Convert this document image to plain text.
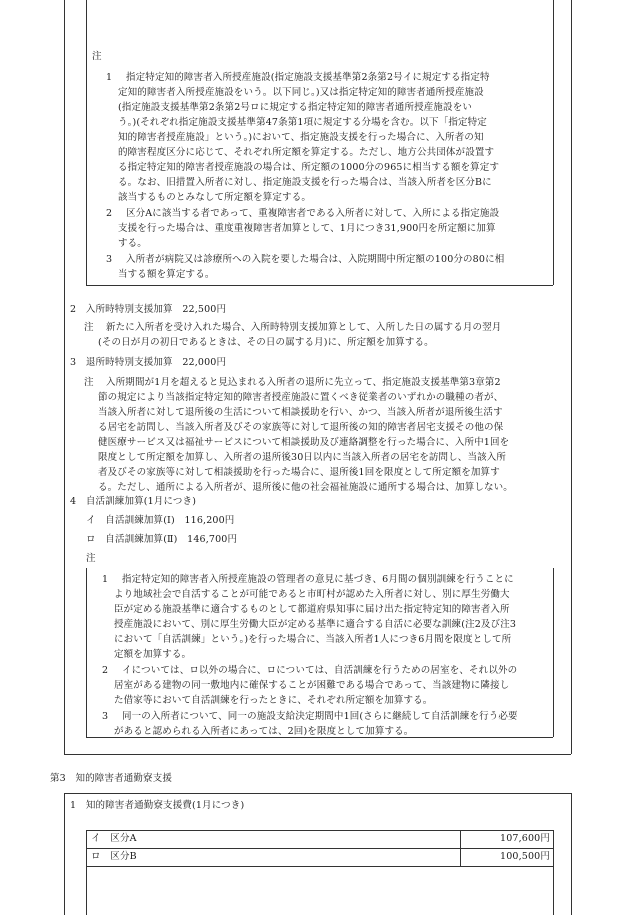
注
1	指定特定知的障害者入所授産施設(指定施設支援基準第2条第2号イに規定する指定特
定知的障害者入所授産施設をいう。以下同じ。)又は指定特定知的障害者通所授産施設
(指定施設支援基準第2条第2号ロに規定する指定特定知的障害者通所授産施設をい
う。)(それぞれ指定施設支援基準第47条第1項に規定する分場を含む。以下「指定特定
知的障害者授産施設」という。)において、指定施設支援を行った場合に、入所者の知
的障害程度区分に応じて、それぞれ所定額を算定する。ただし、地方公共団体が設置す
る指定特定知的障害者授産施設の場合は、所定額の1000分の965に相当する額を算定す
る。なお、旧措置入所者に対し、指定施設支援を行った場合は、当該入所者を区分Bに
該当するものとみなして所定額を算定する。
2	区分Aに該当する者であって、重複障害者である入所者に対して、入所による指定施設
支援を行った場合は、重度重複障害者加算として、1月につき31,900円を所定額に加算
する。
3	入所者が病院又は診療所への入院を要した場合は、入院期間中所定額の100分の80に相
当する額を算定する。
2　入所時特別支援加算　22,500円
注	新たに入所者を受け入れた場合、入所時特別支援加算として、入所した日の属する月の翌月
(その日が月の初日であるときは、その日の属する月)に、所定額を加算する。
3　退所時特別支援加算　22,000円
注	入所期間が1月を超えると見込まれる入所者の退所に先立って、指定施設支援基準第3章第2
節の規定により当該指定特定知的障害者授産施設に置くべき従業者のいずれかの職種の者が、
当該入所者に対して退所後の生活について相談援助を行い、かつ、当該入所者が退所後生活す
る居宅を訪問し、当該入所者及びその家族等に対して退所後の知的障害者居宅支援その他の保
健医療サービス又は福祉サービスについて相談援助及び連絡調整を行った場合に、入所中1回を
限度として所定額を加算し、入所者の退所後30日以内に当該入所者の居宅を訪問し、当該入所
者及びその家族等に対して相談援助を行った場合に、退所後1回を限度として所定額を加算す
る。ただし、通所による入所者が、退所後に他の社会福祉施設に通所する場合は、加算しない。
4　自活訓練加算(1月につき)
イ　自活訓練加算(Ⅰ)　116,200円
ロ　自活訓練加算(Ⅱ)　146,700円
注
1	指定特定知的障害者入所授産施設の管理者の意見に基づき、6月間の個別訓練を行うことに
より地域社会で自活することが可能であると市町村が認めた入所者に対し、別に厚生労働大
臣が定める施設基準に適合するものとして都道府県知事に届け出た指定特定知的障害者入所
授産施設において、別に厚生労働大臣が定める基準に適合する自活に必要な訓練(注2及び注3
において「自活訓練」という。)を行った場合に、当該入所者1人につき6月間を限度として所
定額を加算する。
2	イについては、ロ以外の場合に、ロについては、自活訓練を行うための居室を、それ以外の
居室がある建物の同一敷地内に確保することが困難である場合であって、当該建物に隣接し
た借家等において自活訓練を行ったときに、それぞれ所定額を加算する。
3	同一の入所者について、同一の施設支給決定期間中1回(さらに継続して自活訓練を行う必要
があると認められる入所者にあっては、2回)を限度として加算する。
第3　知的障害者通勤寮支援
1　知的障害者通勤寮支援費(1月につき)
イ　区分A	107,600円
ロ　区分B	100,500円
